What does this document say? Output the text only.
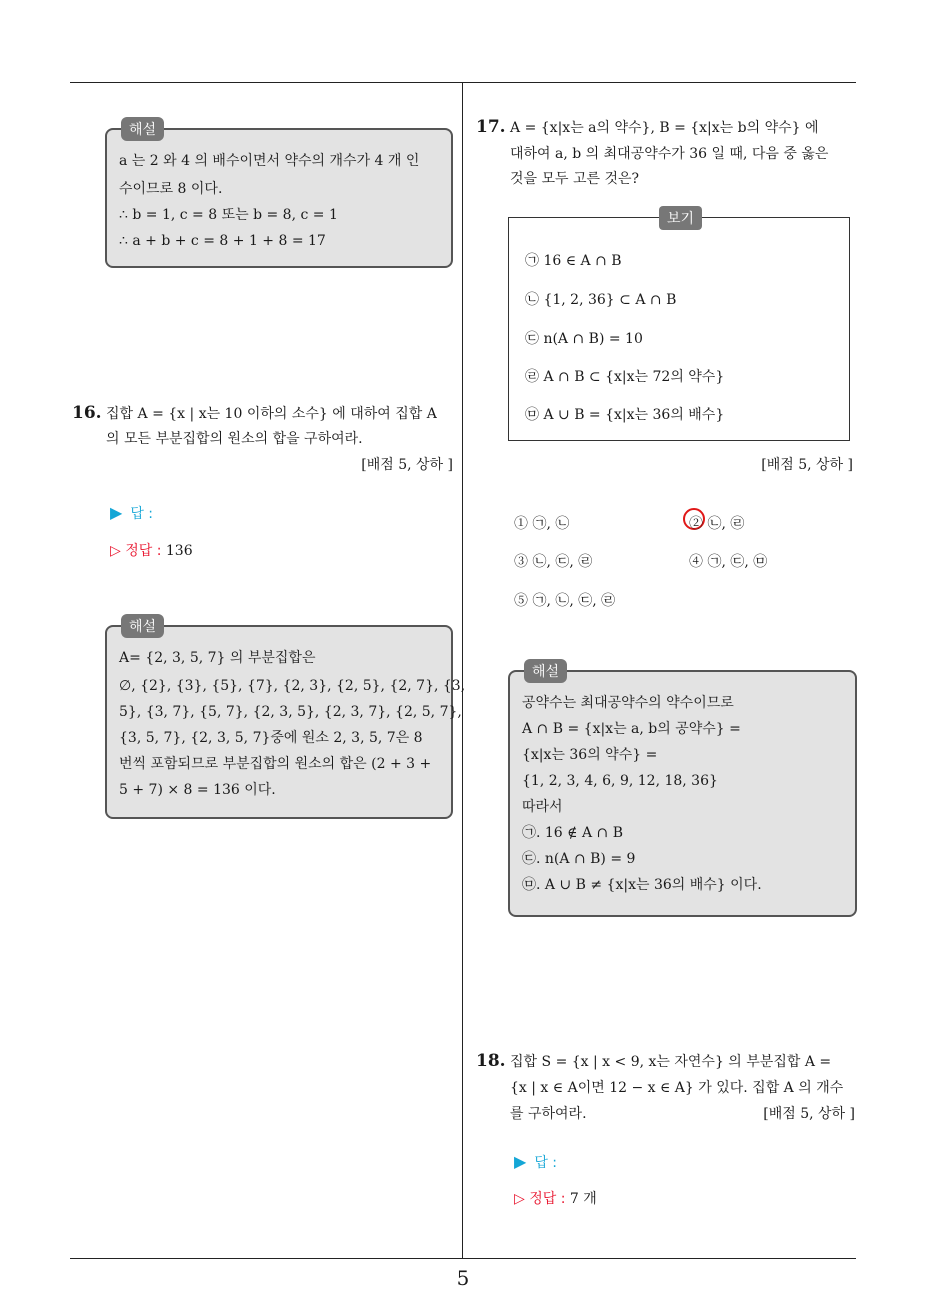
해설
a 는 2 와 4 의 배수이면서 약수의 개수가 4 개 인
수이므로 8 이다.
∴ b = 1, c = 8 또는 b = 8, c = 1
∴ a + b + c = 8 + 1 + 8 = 17
16. 집합 A = {x | x는 10 이하의 소수} 에 대하여 집합 A
의 모든 부분집합의 원소의 합을 구하여라.
[배점 5, 상하 ]
▶ 답 :
▷ 정답 : 136
해설
A= {2, 3, 5, 7} 의 부분집합은
∅, {2}, {3}, {5}, {7}, {2, 3}, {2, 5}, {2, 7}, {3,
5}, {3, 7}, {5, 7}, {2, 3, 5}, {2, 3, 7}, {2, 5, 7},
{3, 5, 7}, {2, 3, 5, 7}중에 원소 2, 3, 5, 7은 8
번씩 포함되므로 부분집합의 원소의 합은 (2 + 3 +
5 + 7) × 8 = 136 이다.
17. A = {x|x는 a의 약수}, B = {x|x는 b의 약수} 에
대하여 a, b 의 최대공약수가 36 일 때, 다음 중 옳은
것을 모두 고른 것은?
보기
㉠ 16 ∈ A ∩ B
㉡ {1, 2, 36} ⊂ A ∩ B
㉢ n(A ∩ B) = 10
㉣ A ∩ B ⊂ {x|x는 72의 약수}
㉤ A ∪ B = {x|x는 36의 배수}
[배점 5, 상하 ]
① ㉠, ㉡	② ㉡, ㉣
③ ㉡, ㉢, ㉣	④ ㉠, ㉢, ㉤
⑤ ㉠, ㉡, ㉢, ㉣
해설
공약수는 최대공약수의 약수이므로
A ∩ B = {x|x는 a, b의 공약수} =
{x|x는 36의 약수} =
{1, 2, 3, 4, 6, 9, 12, 18, 36}
따라서
㉠. 16 ∉ A ∩ B
㉢. n(A ∩ B) = 9
㉤. A ∪ B ≠ {x|x는 36의 배수} 이다.
18. 집합 S = {x | x < 9, x는 자연수} 의 부분집합 A =
{x | x ∈ A이면 12 − x ∈ A} 가 있다. 집합 A 의 개수
를 구하여라.	[배점 5, 상하 ]
▶ 답 :
▷ 정답 : 7 개
5
